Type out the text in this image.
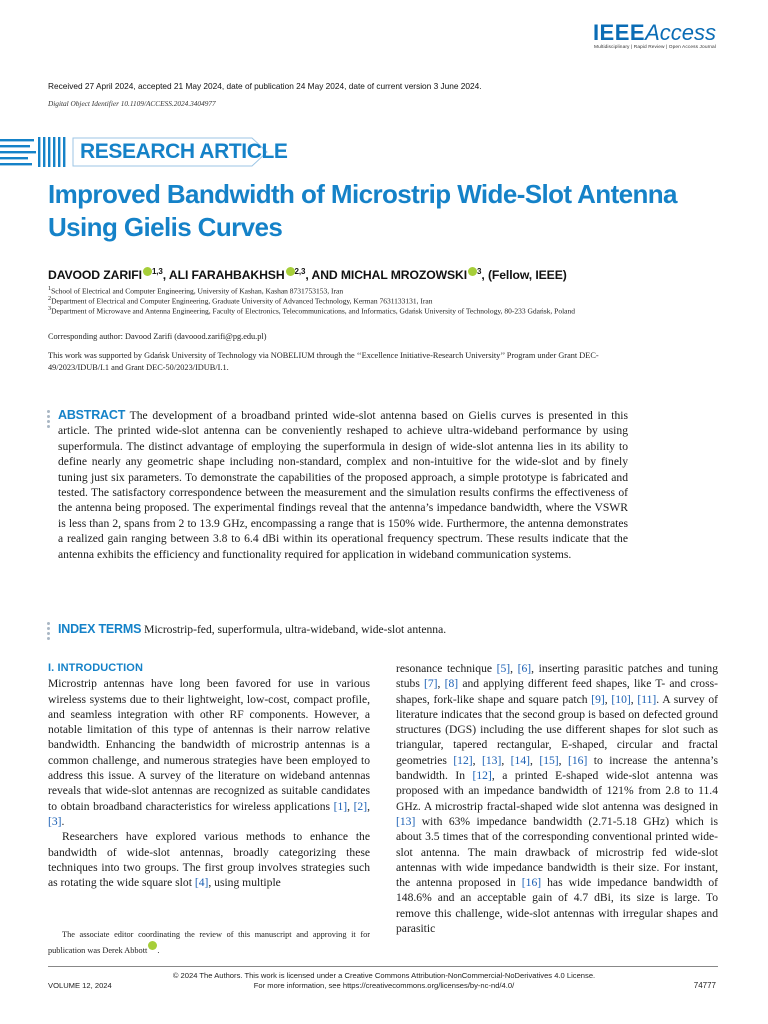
IEEEAccess
Multidisciplinary | Rapid Review | Open Access Journal
Received 27 April 2024, accepted 21 May 2024, date of publication 24 May 2024, date of current version 3 June 2024.
Digital Object Identifier 10.1109/ACCESS.2024.3404977
RESEARCH ARTICLE
Improved Bandwidth of Microstrip Wide-Slot Antenna Using Gielis Curves
DAVOOD ZARIFI $^{1,3}$, ALI FARAHBAKHSH $^{2,3}$, AND MICHAL MROZOWSKI $^3$, (Fellow, IEEE)
$^1$School of Electrical and Computer Engineering, University of Kashan, Kashan 8731753153, Iran
$^2$Department of Electrical and Computer Engineering, Graduate University of Advanced Technology, Kerman 7631133131, Iran
$^3$Department of Microwave and Antenna Engineering, Faculty of Electronics, Telecommunications, and Informatics, Gdańsk University of Technology, 80-233 Gdańsk, Poland
Corresponding author: Davood Zarifi (davoood.zarifi@pg.edu.pl)
This work was supported by Gdańsk University of Technology via NOBELIUM through the ‘‘Excellence Initiative-Research University’’ Program under Grant DEC-49/2023/IDUB/I.1 and Grant DEC-50/2023/IDUB/I.1.
ABSTRACT The development of a broadband printed wide-slot antenna based on Gielis curves is presented in this article. The printed wide-slot antenna can be conveniently reshaped to achieve ultra-wideband performance by using superformula. The distinct advantage of employing the superformula in design of wide-slot antenna lies in its ability to define nearly any geometric shape including non-standard, complex and non-intuitive for the wide-slot and by finely tuning just six parameters. To demonstrate the capabilities of the proposed approach, a simple prototype is fabricated and tested. The satisfactory correspondence between the measurement and the simulation results confirms the effectiveness of the antenna being proposed. The experimental findings reveal that the antenna’s impedance bandwidth, where the VSWR is less than 2, spans from 2 to 13.9 GHz, encompassing a range that is 150% wide. Furthermore, the antenna demonstrates a realized gain ranging between 3.8 to 6.4 dBi within its operational frequency spectrum. These results indicate that the antenna exhibits the efficiency and functionality required for application in wideband communication systems.
INDEX TERMS Microstrip-fed, superformula, ultra-wideband, wide-slot antenna.
I. INTRODUCTION
Microstrip antennas have long been favored for use in various wireless systems due to their lightweight, low-cost, compact profile, and seamless integration with other RF components. However, a notable limitation of this type of antennas is their narrow relative bandwidth. Enhancing the bandwidth of microstrip antennas is a common challenge, and numerous strategies have been employed to address this issue. A survey of the literature on wideband antennas reveals that wide-slot antennas are recognized as suitable candidates to obtain broadband characteristics for wireless applications [1], [2], [3].
Researchers have explored various methods to enhance the bandwidth of wide-slot antennas, broadly categorizing these techniques into two groups. The first group involves strategies such as rotating the wide square slot [4], using multiple
The associate editor coordinating the review of this manuscript and approving it for publication was Derek Abbott .
resonance technique [5], [6], inserting parasitic patches and tuning stubs [7], [8] and applying different feed shapes, like T- and cross-shapes, fork-like shape and square patch [9], [10], [11]. A survey of literature indicates that the second group is based on defected ground structures (DGS) including the use different shapes for slot such as triangular, tapered rectangular, E-shaped, circular and fractal geometries [12], [13], [14], [15], [16] to increase the antenna’s bandwidth. In [12], a printed E-shaped wide-slot antenna was proposed with an impedance bandwidth of 121% from 2.8 to 11.4 GHz. A microstrip fractal-shaped wide slot antenna was designed in [13] with 63% impedance bandwidth (2.71-5.18 GHz) which is about 3.5 times that of the corresponding conventional printed wide-slot antenna. The main drawback of microstrip fed wide-slot antennas with wide impedance bandwidth is their size. For instant, the antenna proposed in [16] has wide impedance bandwidth of 148.6% and an acceptable gain of 4.7 dBi, its size is large. To remove this challenge, wide-slot antennas with irregular shapes and parasitic
© 2024 The Authors. This work is licensed under a Creative Commons Attribution-NonCommercial-NoDerivatives 4.0 License.
For more information, see https://creativecommons.org/licenses/by-nc-nd/4.0/
VOLUME 12, 2024	74777
